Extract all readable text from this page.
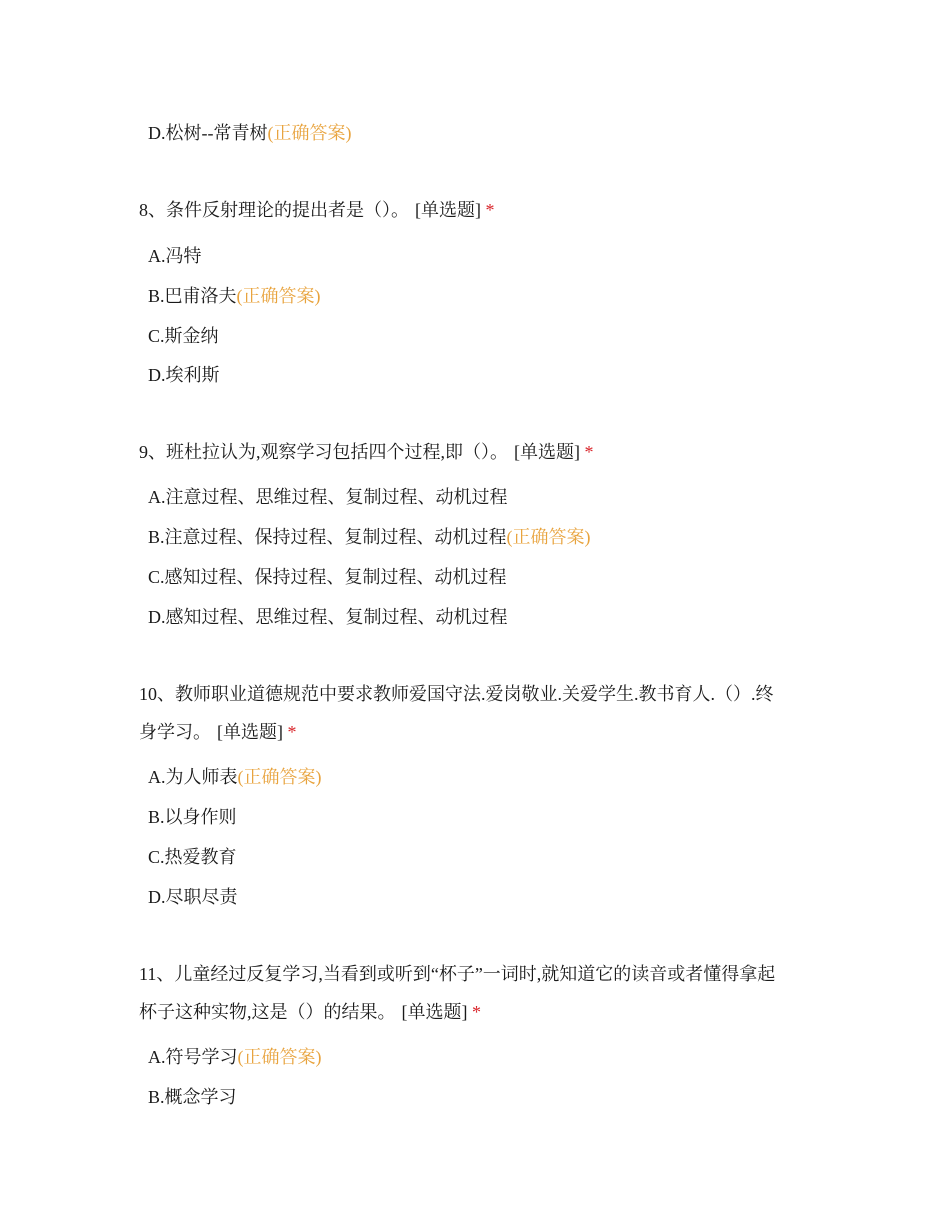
D.松树--常青树(正确答案)
8、条件反射理论的提出者是（）。 [单选题] *
A.冯特
B.巴甫洛夫(正确答案)
C.斯金纳
D.埃利斯
9、班杜拉认为,观察学习包括四个过程,即（）。 [单选题] *
A.注意过程、思维过程、复制过程、动机过程
B.注意过程、保持过程、复制过程、动机过程(正确答案)
C.感知过程、保持过程、复制过程、动机过程
D.感知过程、思维过程、复制过程、动机过程
10、教师职业道德规范中要求教师爱国守法.爱岗敬业.关爱学生.教书育人.（）.终
身学习。 [单选题] *
A.为人师表(正确答案)
B.以身作则
C.热爱教育
D.尽职尽责
11、儿童经过反复学习,当看到或听到“杯子”一词时,就知道它的读音或者懂得拿起
杯子这种实物,这是（）的结果。 [单选题] *
A.符号学习(正确答案)
B.概念学习
